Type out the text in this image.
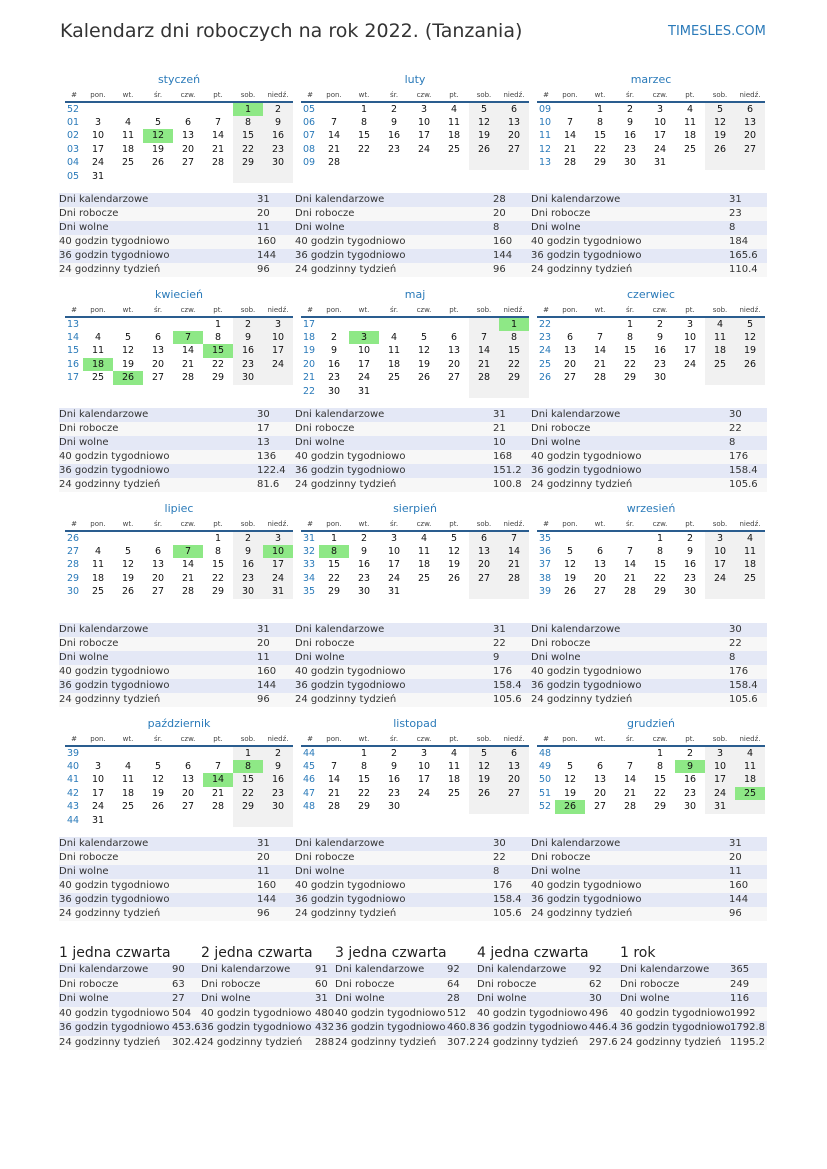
Kalendarz dni roboczych na rok 2022. (Tanzania)	TIMESLES.COM
styczeń
#	pon.	wt.	śr.	czw.	pt.	sob.	niedź.
52						1	2
01	3	4	5	6	7	8	9
02	10	11	12	13	14	15	16
03	17	18	19	20	21	22	23
04	24	25	26	27	28	29	30
05	31						
Dni kalendarzowe	31
Dni robocze	20
Dni wolne	11
40 godzin tygodniowo	160
36 godzin tygodniowo	144
24 godzinny tydzień	96
luty
#	pon.	wt.	śr.	czw.	pt.	sob.	niedź.
05		1	2	3	4	5	6
06	7	8	9	10	11	12	13
07	14	15	16	17	18	19	20
08	21	22	23	24	25	26	27
09	28						
Dni kalendarzowe	28
Dni robocze	20
Dni wolne	8
40 godzin tygodniowo	160
36 godzin tygodniowo	144
24 godzinny tydzień	96
marzec
#	pon.	wt.	śr.	czw.	pt.	sob.	niedź.
09		1	2	3	4	5	6
10	7	8	9	10	11	12	13
11	14	15	16	17	18	19	20
12	21	22	23	24	25	26	27
13	28	29	30	31			
Dni kalendarzowe	31
Dni robocze	23
Dni wolne	8
40 godzin tygodniowo	184
36 godzin tygodniowo	165.6
24 godzinny tydzień	110.4
kwiecień
#	pon.	wt.	śr.	czw.	pt.	sob.	niedź.
13					1	2	3
14	4	5	6	7	8	9	10
15	11	12	13	14	15	16	17
16	18	19	20	21	22	23	24
17	25	26	27	28	29	30	
Dni kalendarzowe	30
Dni robocze	17
Dni wolne	13
40 godzin tygodniowo	136
36 godzin tygodniowo	122.4
24 godzinny tydzień	81.6
maj
#	pon.	wt.	śr.	czw.	pt.	sob.	niedź.
17							1
18	2	3	4	5	6	7	8
19	9	10	11	12	13	14	15
20	16	17	18	19	20	21	22
21	23	24	25	26	27	28	29
22	30	31					
Dni kalendarzowe	31
Dni robocze	21
Dni wolne	10
40 godzin tygodniowo	168
36 godzin tygodniowo	151.2
24 godzinny tydzień	100.8
czerwiec
#	pon.	wt.	śr.	czw.	pt.	sob.	niedź.
22			1	2	3	4	5
23	6	7	8	9	10	11	12
24	13	14	15	16	17	18	19
25	20	21	22	23	24	25	26
26	27	28	29	30			
Dni kalendarzowe	30
Dni robocze	22
Dni wolne	8
40 godzin tygodniowo	176
36 godzin tygodniowo	158.4
24 godzinny tydzień	105.6
lipiec
#	pon.	wt.	śr.	czw.	pt.	sob.	niedź.
26					1	2	3
27	4	5	6	7	8	9	10
28	11	12	13	14	15	16	17
29	18	19	20	21	22	23	24
30	25	26	27	28	29	30	31
Dni kalendarzowe	31
Dni robocze	20
Dni wolne	11
40 godzin tygodniowo	160
36 godzin tygodniowo	144
24 godzinny tydzień	96
sierpień
#	pon.	wt.	śr.	czw.	pt.	sob.	niedź.
31	1	2	3	4	5	6	7
32	8	9	10	11	12	13	14
33	15	16	17	18	19	20	21
34	22	23	24	25	26	27	28
35	29	30	31				
Dni kalendarzowe	31
Dni robocze	22
Dni wolne	9
40 godzin tygodniowo	176
36 godzin tygodniowo	158.4
24 godzinny tydzień	105.6
wrzesień
#	pon.	wt.	śr.	czw.	pt.	sob.	niedź.
35				1	2	3	4
36	5	6	7	8	9	10	11
37	12	13	14	15	16	17	18
38	19	20	21	22	23	24	25
39	26	27	28	29	30		
Dni kalendarzowe	30
Dni robocze	22
Dni wolne	8
40 godzin tygodniowo	176
36 godzin tygodniowo	158.4
24 godzinny tydzień	105.6
październik
#	pon.	wt.	śr.	czw.	pt.	sob.	niedź.
39						1	2
40	3	4	5	6	7	8	9
41	10	11	12	13	14	15	16
42	17	18	19	20	21	22	23
43	24	25	26	27	28	29	30
44	31						
Dni kalendarzowe	31
Dni robocze	20
Dni wolne	11
40 godzin tygodniowo	160
36 godzin tygodniowo	144
24 godzinny tydzień	96
listopad
#	pon.	wt.	śr.	czw.	pt.	sob.	niedź.
44		1	2	3	4	5	6
45	7	8	9	10	11	12	13
46	14	15	16	17	18	19	20
47	21	22	23	24	25	26	27
48	28	29	30				
Dni kalendarzowe	30
Dni robocze	22
Dni wolne	8
40 godzin tygodniowo	176
36 godzin tygodniowo	158.4
24 godzinny tydzień	105.6
grudzień
#	pon.	wt.	śr.	czw.	pt.	sob.	niedź.
48				1	2	3	4
49	5	6	7	8	9	10	11
50	12	13	14	15	16	17	18
51	19	20	21	22	23	24	25
52	26	27	28	29	30	31	
Dni kalendarzowe	31
Dni robocze	20
Dni wolne	11
40 godzin tygodniowo	160
36 godzin tygodniowo	144
24 godzinny tydzień	96
1 jedna czwarta
Dni kalendarzowe 90
Dni robocze	63
Dni wolne	27
40 godzin tygodniowo 504
36 godzin tygodniowo 453.6
24 godzinny tydzień 302.4
2 jedna czwarta
Dni kalendarzowe 91
Dni robocze	60
Dni wolne	31
40 godzin tygodniowo 480
36 godzin tygodniowo 432
24 godzinny tydzień 288
3 jedna czwarta
Dni kalendarzowe 92
Dni robocze	64
Dni wolne	28
40 godzin tygodniowo 512
36 godzin tygodniowo 460.8
24 godzinny tydzień 307.2
4 jedna czwarta
Dni kalendarzowe 92
Dni robocze	62
Dni wolne	30
40 godzin tygodniowo 496
36 godzin tygodniowo 446.4
24 godzinny tydzień 297.6
1 rok
Dni kalendarzowe 365
Dni robocze	249
Dni wolne	116
40 godzin tygodniowo 1992
36 godzin tygodniowo 1792.8
24 godzinny tydzień 1195.2
